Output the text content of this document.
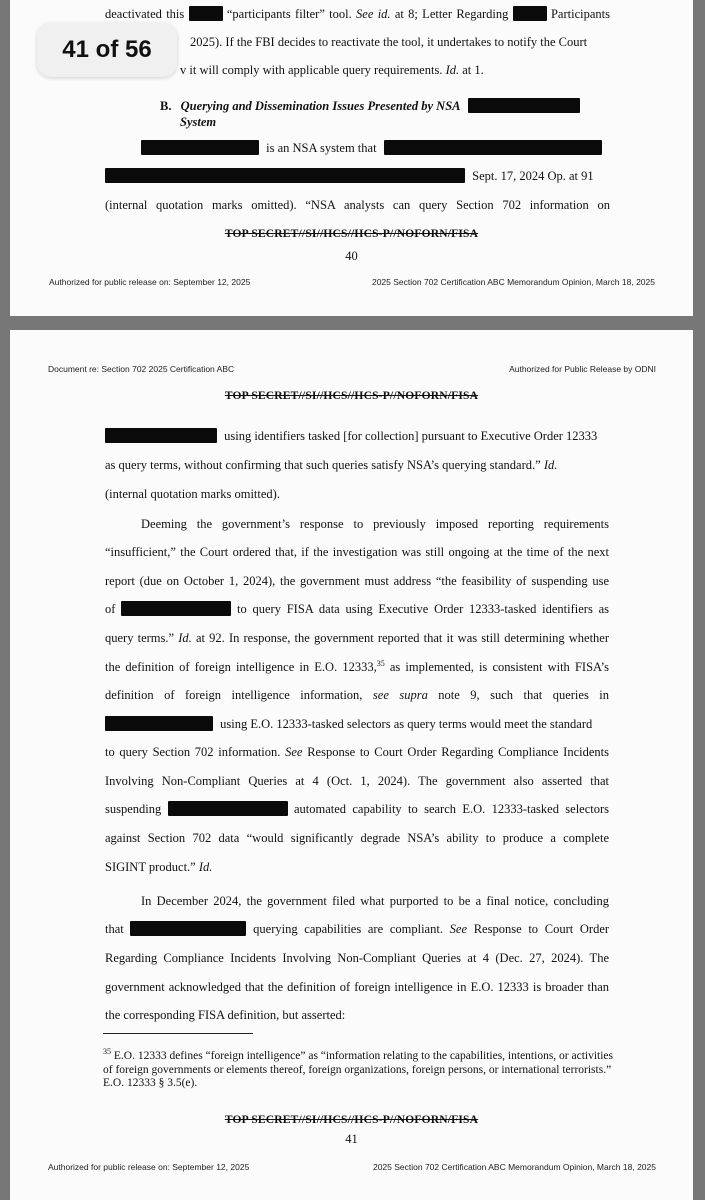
deactivated this	“participants filter” tool. See id. at 8; Letter Regarding	Participants
2025). If the FBI decides to reactivate the tool, it undertakes to notify the Court
v it will comply with applicable query requirements. Id. at 1.
B. Querying and Dissemination Issues Presented by NSA
System
is an NSA system that
Sept. 17, 2024 Op. at 91
(internal quotation marks omitted). “NSA analysts can query Section 702 information on
TOP SECRET//SI//HCS//HCS-P//NOFORN/FISA
40
Authorized for public release on: September 12, 2025	2025 Section 702 Certification ABC Memorandum Opinion, March 18, 2025
41 of 56
Document re: Section 702 2025 Certification ABC	Authorized for Public Release by ODNI
TOP SECRET//SI//HCS//HCS-P//NOFORN/FISA
using identifiers tasked [for collection] pursuant to Executive Order 12333
as query terms, without confirming that such queries satisfy NSA’s querying standard.” Id.
(internal quotation marks omitted).
Deeming the government’s response to previously imposed reporting requirements
“insufficient,” the Court ordered that, if the investigation was still ongoing at the time of the next
report (due on October 1, 2024), the government must address “the feasibility of suspending use
of	to query FISA data using Executive Order 12333-tasked identifiers as
query terms.” Id. at 92. In response, the government reported that it was still determining whether
the definition of foreign intelligence in E.O. 12333,35 as implemented, is consistent with FISA’s
definition of foreign intelligence information, see supra note 9, such that queries in
using E.O. 12333-tasked selectors as query terms would meet the standard
to query Section 702 information. See Response to Court Order Regarding Compliance Incidents
Involving Non-Compliant Queries at 4 (Oct. 1, 2024). The government also asserted that
suspending	automated capability to search E.O. 12333-tasked selectors
against Section 702 data “would significantly degrade NSA’s ability to produce a complete
SIGINT product.” Id.
In December 2024, the government filed what purported to be a final notice, concluding
that	querying capabilities are compliant. See Response to Court Order
Regarding Compliance Incidents Involving Non-Compliant Queries at 4 (Dec. 27, 2024). The
government acknowledged that the definition of foreign intelligence in E.O. 12333 is broader than
the corresponding FISA definition, but asserted:
$^{35}$ E.O. 12333 defines “foreign intelligence” as “information relating to the capabilities, intentions, or activities of foreign governments or elements thereof, foreign organizations, foreign persons, or international terrorists.” E.O. 12333 § 3.5(e).
TOP SECRET//SI//HCS//HCS-P//NOFORN/FISA
41
Authorized for public release on: September 12, 2025	2025 Section 702 Certification ABC Memorandum Opinion, March 18, 2025
